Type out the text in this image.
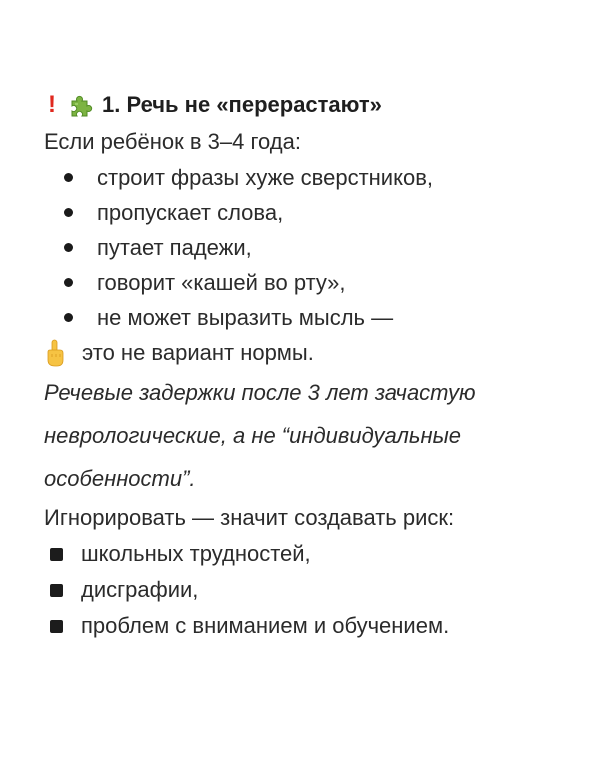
! 1. Речь не «перерастают»
Если ребёнок в 3–4 года:
строит фразы хуже сверстников,
пропускает слова,
путает падежи,
говорит «кашей во рту»,
не может выразить мысль —
это не вариант нормы.
Речевые задержки после 3 лет зачастую
неврологические, а не “индивидуальные
особенности”.
Игнорировать — значит создавать риск:
школьных трудностей,
дисграфии,
проблем с вниманием и обучением.
